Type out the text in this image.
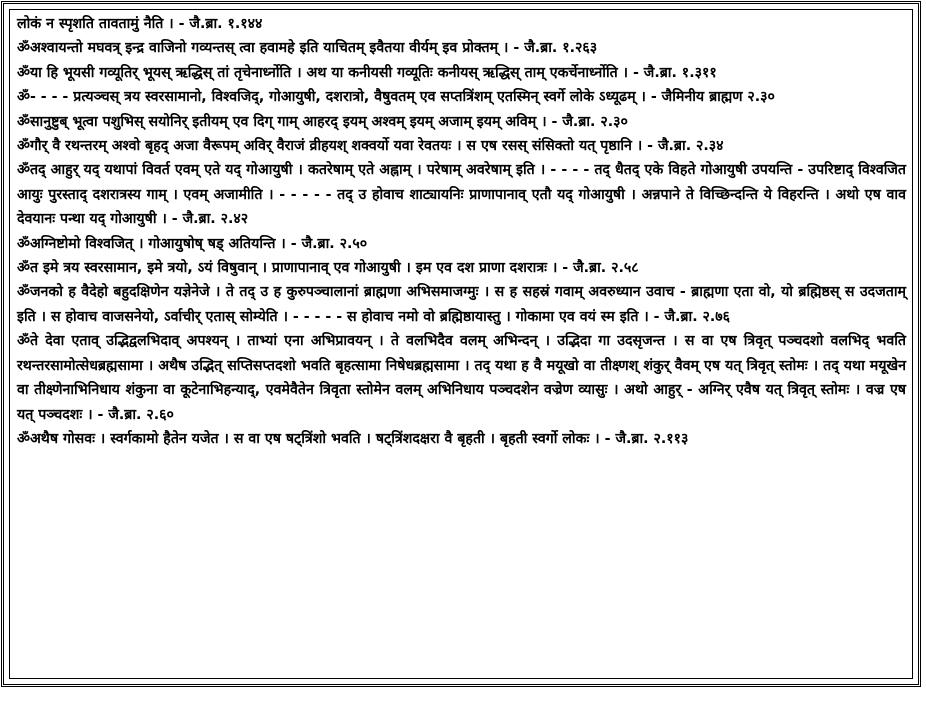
लोकं न स्पृशति तावतामुं नैति । - जै.ब्रा. १.१४४

ॐअश्वायन्तो मघवत्र् इन्द्र वाजिनो गव्यन्तस् त्वा हवामहे इति याचितम् इवैतया वीर्यम् इव प्रोक्तम् । - जै.ब्रा. १.२६३

ॐया हि भूयसी गव्यूतिर् भूयस् ऋद्धिस् तां तृचेनार्ध्नोति । अथ या कनीयसी गव्यूतिः कनीयस् ऋद्धिस् ताम् एकर्चेनार्ध्नोति । - जै.ब्रा. १.३११

ॐ- - - - प्रत्यञ्चस् त्रय स्वरसामानो, विश्वजिद्, गोआयुषी, दशरात्रो, वैषुवतम् एव सप्तत्रिंशम् एतस्मिन् स्वर्गे लोके ऽध्यूढम् । - जैमिनीय ब्राह्मण २.३०

ॐसानुष्टुब् भूत्वा पशुभिस् सयोनिर् इतीयम् एव दिग् गाम् आहरद् इयम् अश्वम् इयम् अजाम् इयम् अविम् । - जै.ब्रा. २.३०

ॐगौर् वै रथन्तरम् अश्वो बृहद् अजा वैरूपम् अविर् वैराजं व्रीहयश् शक्वर्यो यवा रेवतयः । स एष रसस् संसिक्तो यत् पृष्ठानि । - जै.ब्रा. २.३४

ॐतद् आहुर् यद् यथापां विवर्त एवम् एते यद् गोआयुषी । कतरेषाम् एते अह्नाम् । परेषाम् अवरेषाम् इति । - - - - तद् धैतद् एके विहते गोआयुषी उपयन्ति - उपरिष्टाद् विश्वजित आयुः पुरस्ताद् दशरात्रस्य गाम् । एवम् अजामीति । - - - - - तद् उ होवाच शाट्यायनिः प्राणापानाव् एतौ यद् गोआयुषी । अन्नपाने ते विच्छिन्दन्ति ये विहरन्ति । अथो एष वाव देवयानः पन्था यद् गोआयुषी । - जै.ब्रा. २.४२

ॐअग्निष्टोमो विश्वजित् । गोआयुषोष् षड् अतियन्ति । - जै.ब्रा. २.५०

ॐत इमे त्रय स्वरसामान, इमे त्रयो, ऽयं विषुवान् । प्राणापानाव् एव गोआयुषी । इम एव दश प्राणा दशरात्रः । - जै.ब्रा. २.५८

ॐजनको ह वैदेहो बहुदक्षिणेन यज्ञेनेजे । ते तद् उ ह कुरुपञ्चालानां ब्राह्मणा अभिसमाजग्मुः । स ह सहस्रं गवाम् अवरुध्यान उवाच - ब्राह्मणा एता वो, यो ब्रह्मिष्ठस् स उदजताम् इति । स होवाच वाजसनेयो, ऽर्वाचीर् एतास् सोम्येति । - - - - - स होवाच नमो वो ब्रह्मिष्ठायास्तु । गोकामा एव वयं स्म इति । - जै.ब्रा. २.७६

ॐते देवा एताव् उद्भिद्वलभिदाव् अपश्यन् । ताभ्यां एना अभिप्रावयन् । ते वलभिदैव वलम् अभिन्दन् । उद्भिदा गा उदसृजन्त । स वा एष त्रिवृत् पञ्चदशो वलभिद् भवति रथन्तरसामोत्सेधब्रह्मसामा । अथैष उद्भित् सप्तिसप्तदशो भवति बृहत्सामा निषेधब्रह्मसामा । तद् यथा ह वै मयूखो वा तीक्ष्णश् शंकुर् वैवम् एष यत् त्रिवृत् स्तोमः । तद् यथा मयूखेन वा तीक्ष्णेनाभिनिधाय शंकुना वा कूटेनाभिहन्याद्, एवमेवैतेन त्रिवृता स्तोमेन वलम् अभिनिधाय पञ्चदशेन वज्रेण व्यासुः । अथो आहुर् - अग्निर् एवैष यत् त्रिवृत् स्तोमः । वज्र एष यत् पञ्चदशः । - जै.ब्रा. २.६०

ॐअथैष गोसवः । स्वर्गकामो हैतेन यजेत । स वा एष षट्त्रिंशो भवति । षट्त्रिंशदक्षरा वै बृहती । बृहती स्वर्गो लोकः । - जै.ब्रा. २.११३
